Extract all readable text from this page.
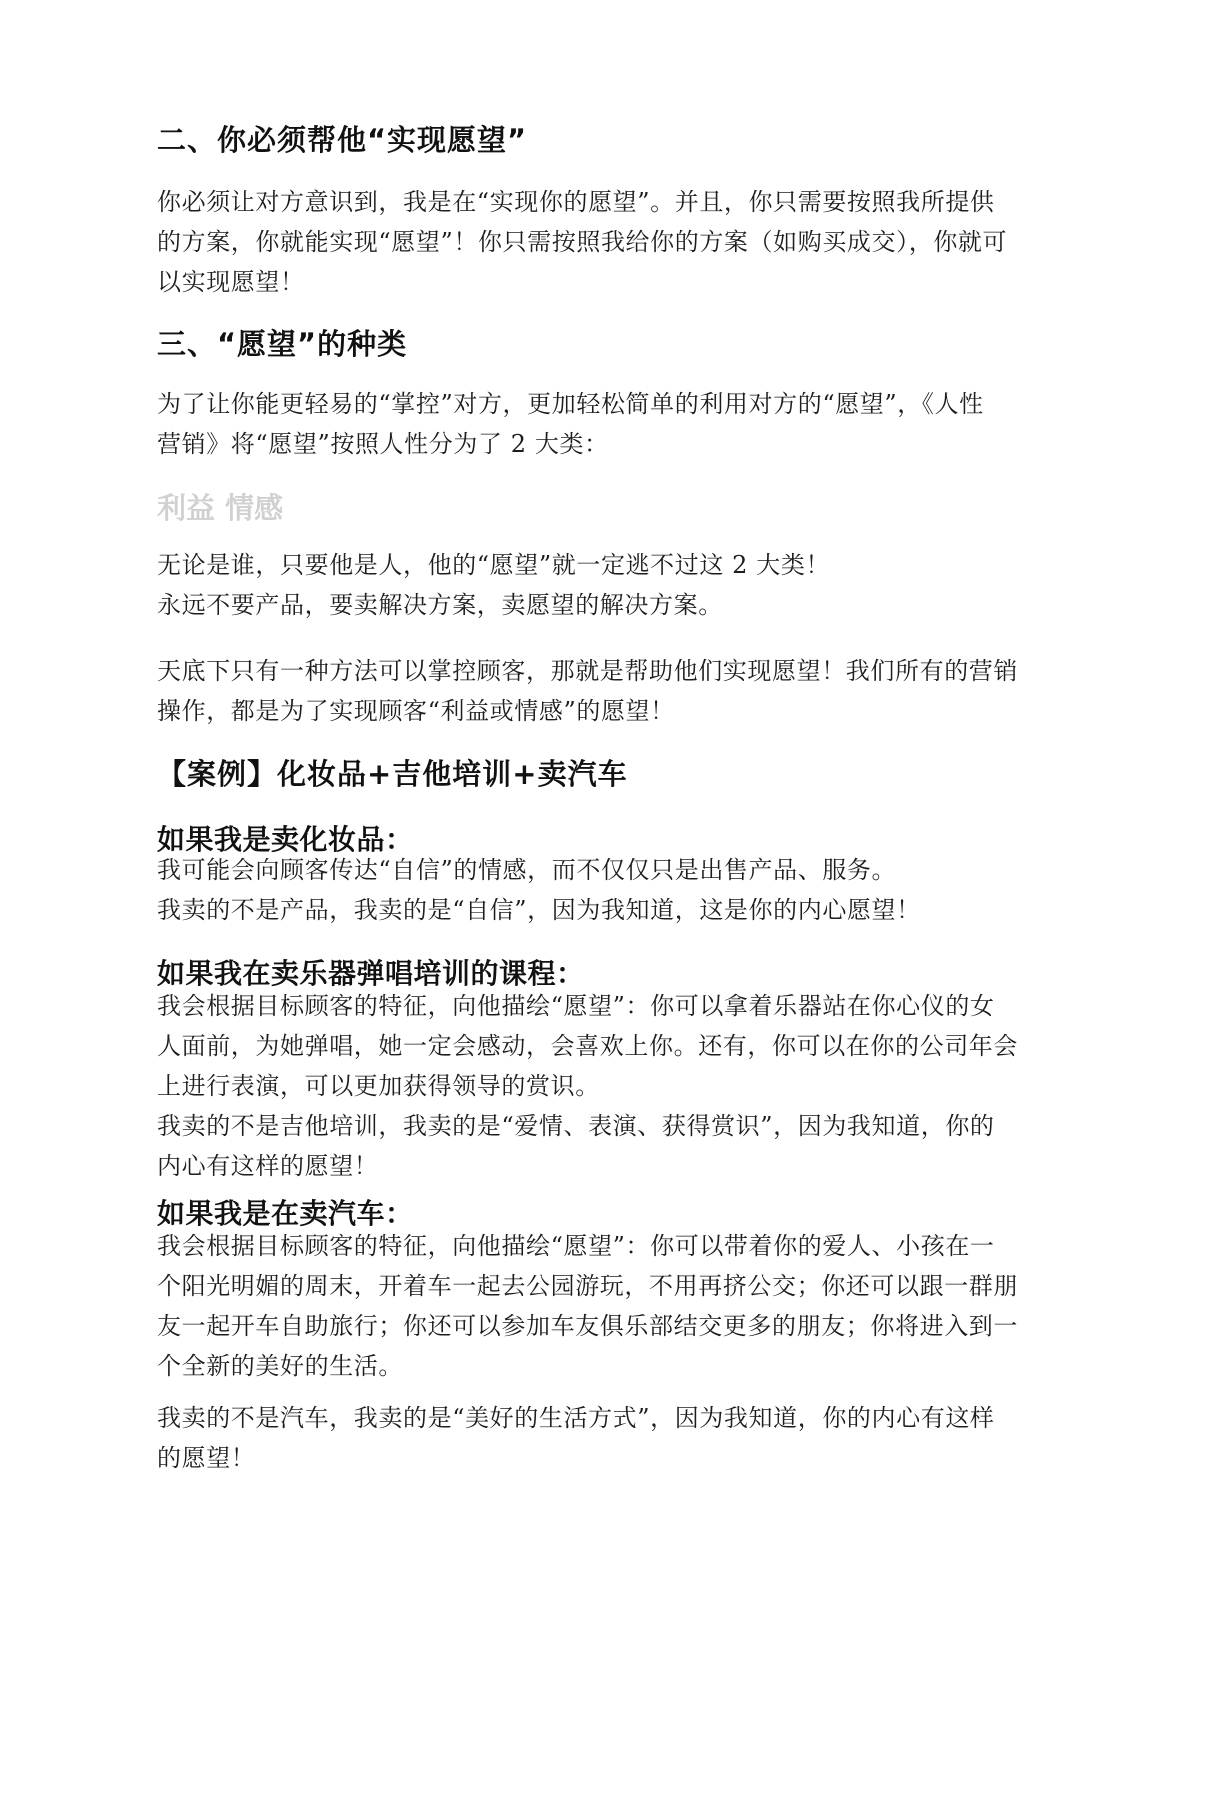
二、你必须帮他“实现愿望”
你必须让对方意识到，我是在“实现你的愿望”。并且，你只需要按照我所提供
的方案，你就能实现“愿望”！你只需按照我给你的方案（如购买成交），你就可
以实现愿望！
三、“愿望”的种类
为了让你能更轻易的“掌控”对方，更加轻松简单的利用对方的“愿望”，《人性
营销》将“愿望”按照人性分为了 2 大类：
利益 情感
无论是谁，只要他是人，他的“愿望”就一定逃不过这 2 大类！
永远不要产品，要卖解决方案，卖愿望的解决方案。
天底下只有一种方法可以掌控顾客，那就是帮助他们实现愿望！我们所有的营销
操作，都是为了实现顾客“利益或情感”的愿望！
【案例】化妆品+吉他培训+卖汽车
如果我是卖化妆品：
我可能会向顾客传达“自信”的情感，而不仅仅只是出售产品、服务。
我卖的不是产品，我卖的是“自信”，因为我知道，这是你的内心愿望！
如果我在卖乐器弹唱培训的课程：
我会根据目标顾客的特征，向他描绘“愿望”：你可以拿着乐器站在你心仪的女
人面前，为她弹唱，她一定会感动，会喜欢上你。还有，你可以在你的公司年会
上进行表演，可以更加获得领导的赏识。
我卖的不是吉他培训，我卖的是“爱情、表演、获得赏识”，因为我知道，你的
内心有这样的愿望！
如果我是在卖汽车：
我会根据目标顾客的特征，向他描绘“愿望”：你可以带着你的爱人、小孩在一
个阳光明媚的周末，开着车一起去公园游玩，不用再挤公交；你还可以跟一群朋
友一起开车自助旅行；你还可以参加车友俱乐部结交更多的朋友；你将进入到一
个全新的美好的生活。
我卖的不是汽车，我卖的是“美好的生活方式”，因为我知道，你的内心有这样
的愿望！
